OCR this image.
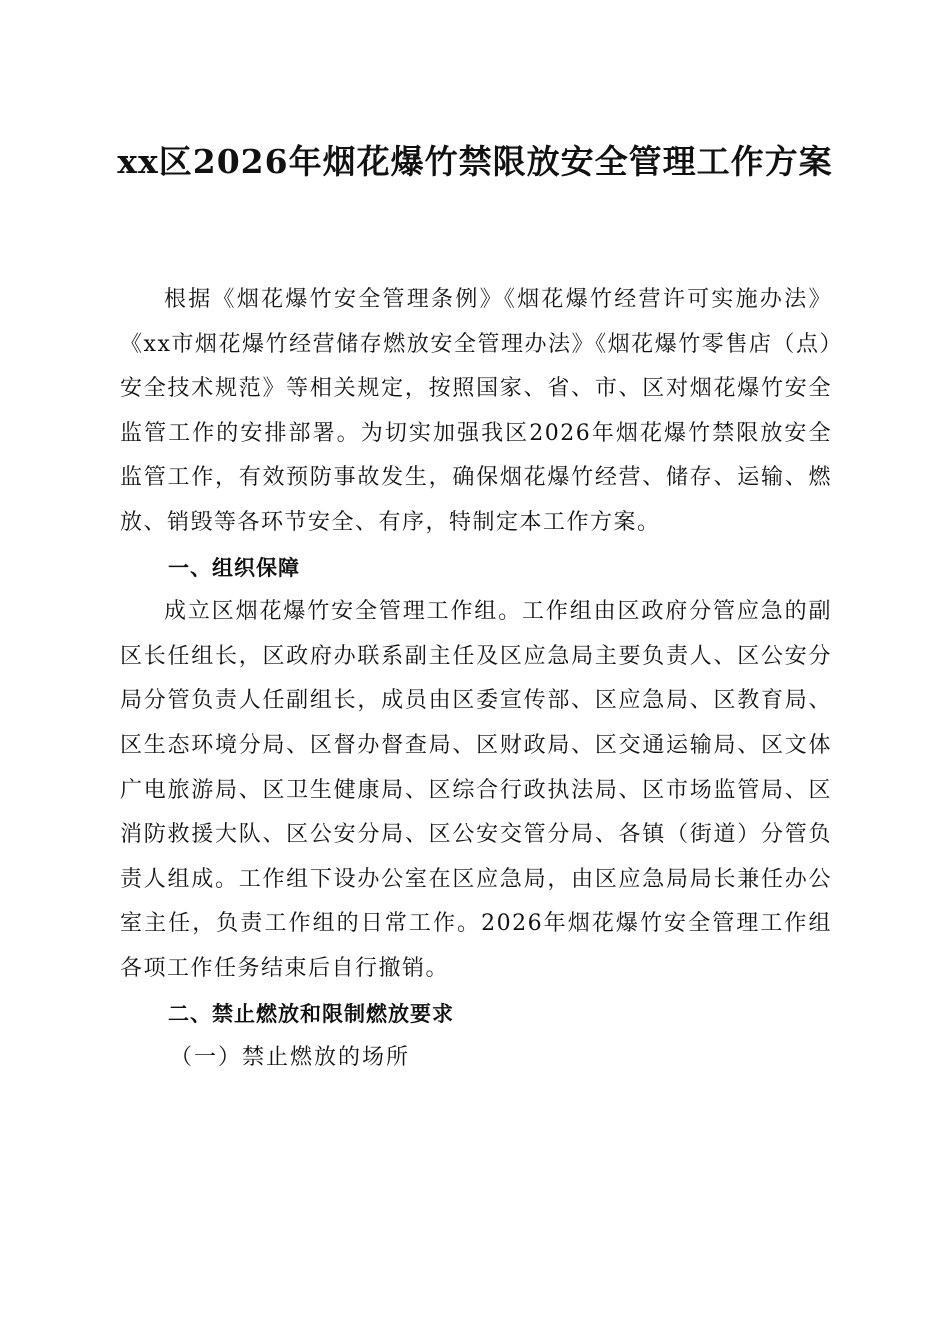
xx区2026年烟花爆竹禁限放安全管理工作方案

根据《烟花爆竹安全管理条例》《烟花爆竹经营许可实施办法》《xx市烟花爆竹经营储存燃放安全管理办法》《烟花爆竹零售店（点）安全技术规范》等相关规定，按照国家、省、市、区对烟花爆竹安全监管工作的安排部署。为切实加强我区2026年烟花爆竹禁限放安全监管工作，有效预防事故发生，确保烟花爆竹经营、储存、运输、燃放、销毁等各环节安全、有序，特制定本工作方案。

一、组织保障

成立区烟花爆竹安全管理工作组。工作组由区政府分管应急的副区长任组长，区政府办联系副主任及区应急局主要负责人、区公安分局分管负责人任副组长，成员由区委宣传部、区应急局、区教育局、区生态环境分局、区督办督查局、区财政局、区交通运输局、区文体广电旅游局、区卫生健康局、区综合行政执法局、区市场监管局、区消防救援大队、区公安分局、区公安交管分局、各镇（街道）分管负责人组成。工作组下设办公室在区应急局，由区应急局局长兼任办公室主任，负责工作组的日常工作。2026年烟花爆竹安全管理工作组各项工作任务结束后自行撤销。

二、禁止燃放和限制燃放要求

（一）禁止燃放的场所
